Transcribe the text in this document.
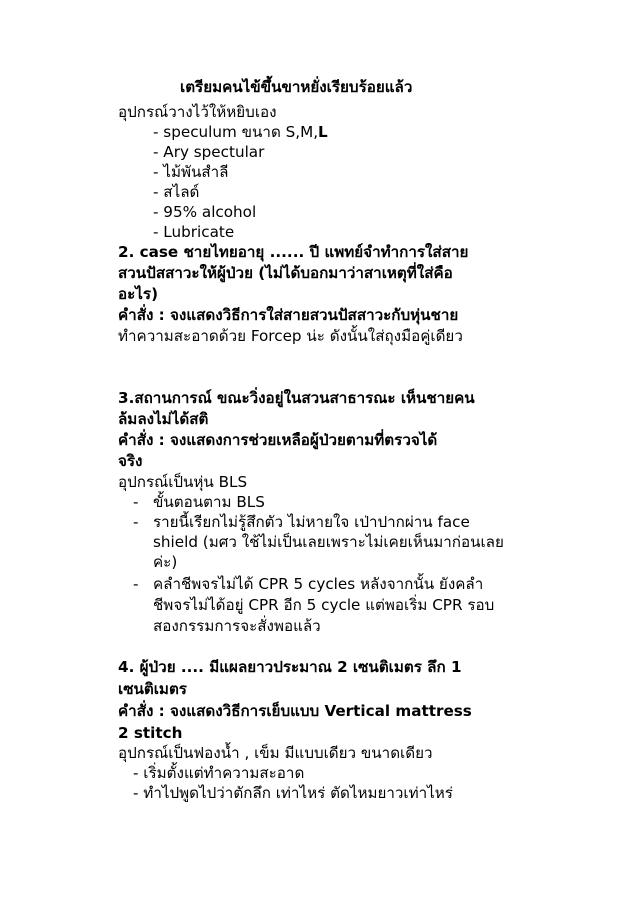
เตรียมคนไข้ขึ้นขาหยั่งเรียบร้อยแล้ว
อุปกรณ์วางไว้ให้หยิบเอง
- speculum ขนาด S,M,L
- Ary spectular
- ไม้พันสำลี
- สไลด์
- 95% alcohol
- Lubricate
2. case ชายไทยอายุ ...... ปี แพทย์จำทำการใส่สาย
สวนปัสสาวะให้ผู้ป่วย (ไม่ได้บอกมาว่าสาเหตุที่ใส่คือ
อะไร)
คำสั่ง : จงแสดงวิธีการใส่สายสวนปัสสาวะกับหุ่นชาย
ทำความสะอาดด้วย Forcep น่ะ ดังนั้นใส่ถุงมือคู่เดียว
3.สถานการณ์ ขณะวิ่งอยู่ในสวนสาธารณะ เห็นชายคน
ล้มลงไม่ได้สติ
คำสั่ง : จงแสดงการช่วยเหลือผู้ป่วยตามที่ตรวจได้
จริง
อุปกรณ์เป็นหุ่น BLS
- ขั้นตอนตาม BLS
- รายนี้เรียกไม่รู้สึกตัว ไม่หายใจ เป่าปากผ่าน face
shield (มศว ใช้ไม่เป็นเลยเพราะไม่เคยเห็นมาก่อนเลย
ค่ะ)
- คลำชีพจรไม่ได้ CPR 5 cycles หลังจากนั้น ยังคลำ
ชีพจรไม่ได้อยู่ CPR อีก 5 cycle แต่พอเริ่ม CPR รอบ
สองกรรมการจะสั่งพอแล้ว
4. ผู้ป่วย .... มีแผลยาวประมาณ 2 เซนติเมตร ลึก 1
เซนติเมตร
คำสั่ง : จงแสดงวิธีการเย็บแบบ Vertical mattress
2 stitch
อุปกรณ์เป็นฟองน้ำ , เข็ม มีแบบเดียว ขนาดเดียว
- เริ่มตั้งแต่ทำความสะอาด
- ทำไปพูดไปว่าตักลึก เท่าไหร่ ตัดไหมยาวเท่าไหร่
